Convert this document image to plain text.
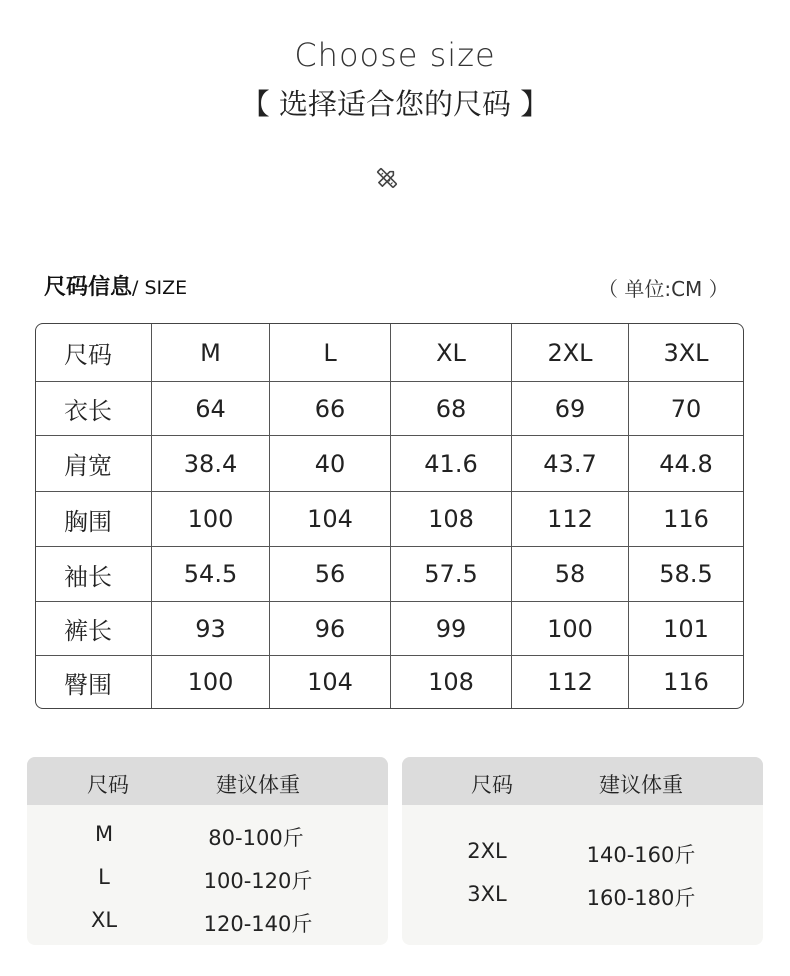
Choose size
【 选择适合您的尺码 】
尺码信息/ SIZE	（ 单位:CM ）
尺码	M	L	XL	2XL	3XL
衣长	64	66	68	69	70
肩宽	38.4	40	41.6	43.7	44.8
胸围	100	104	108	112	116
袖长	54.5	56	57.5	58	58.5
裤长	93	96	99	100	101
臀围	100	104	108	112	116
尺码	建议体重
M	80-100斤
L	100-120斤
XL	120-140斤
尺码	建议体重
2XL	140-160斤
3XL	160-180斤
